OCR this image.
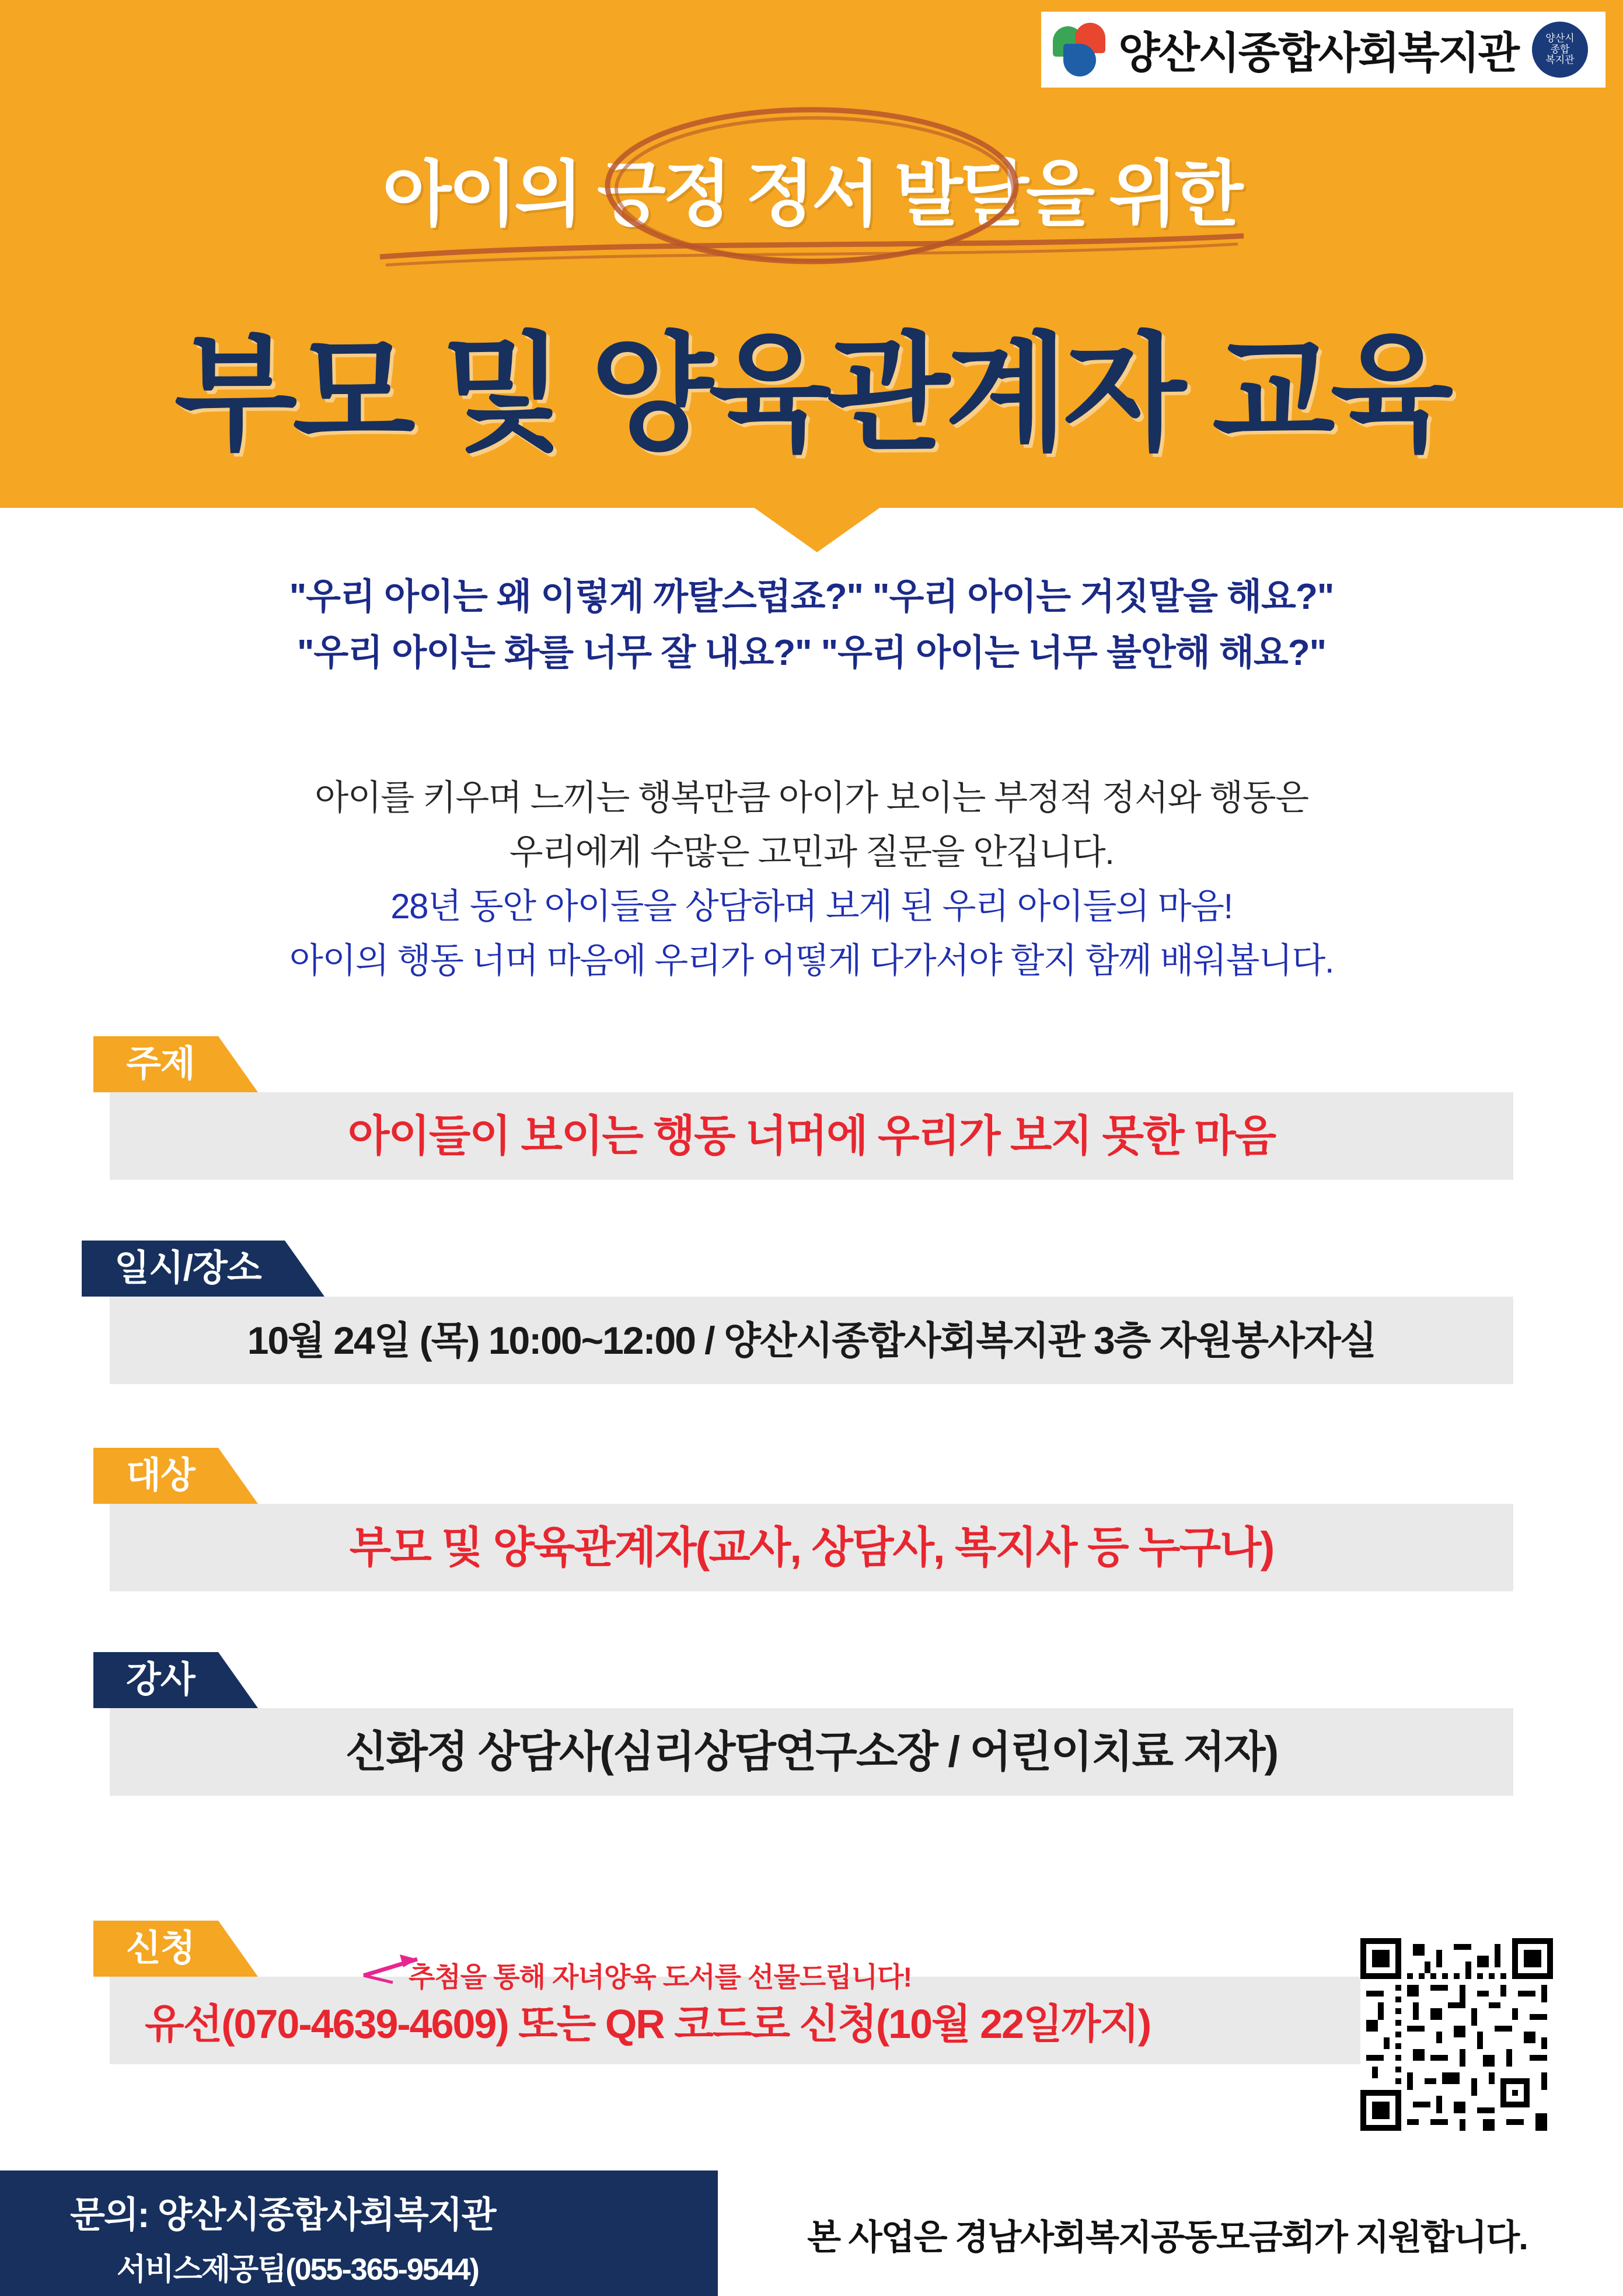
양산시종합사회복지관	양산시
종합
복지관
아이의 긍정 정서 발달을 위한
부모 및 양육관계자 교육
"우리 아이는 왜 이렇게 까탈스럽죠?" "우리 아이는 거짓말을 해요?"
"우리 아이는 화를 너무 잘 내요?" "우리 아이는 너무 불안해 해요?"
아이를 키우며 느끼는 행복만큼 아이가 보이는 부정적 정서와 행동은
우리에게 수많은 고민과 질문을 안깁니다.
28년 동안 아이들을 상담하며 보게 된 우리 아이들의 마음!
아이의 행동 너머 마음에 우리가 어떻게 다가서야 할지 함께 배워봅니다.
주제
아이들이 보이는 행동 너머에 우리가 보지 못한 마음
일시/장소
10월 24일 (목) 10:00~12:00 / 양산시종합사회복지관 3층 자원봉사자실
대상
부모 및 양육관계자(교사, 상담사, 복지사 등 누구나)
강사
신화정 상담사(심리상담연구소장 / 어린이치료 저자)
신청
유선(070-4639-4609) 또는 QR 코드로 신청(10월 22일까지)
추첨을 통해 자녀양육 도서를 선물드립니다!
문의: 양산시종합사회복지관
서비스제공팀(055-365-9544)
본 사업은 경남사회복지공동모금회가 지원합니다.
